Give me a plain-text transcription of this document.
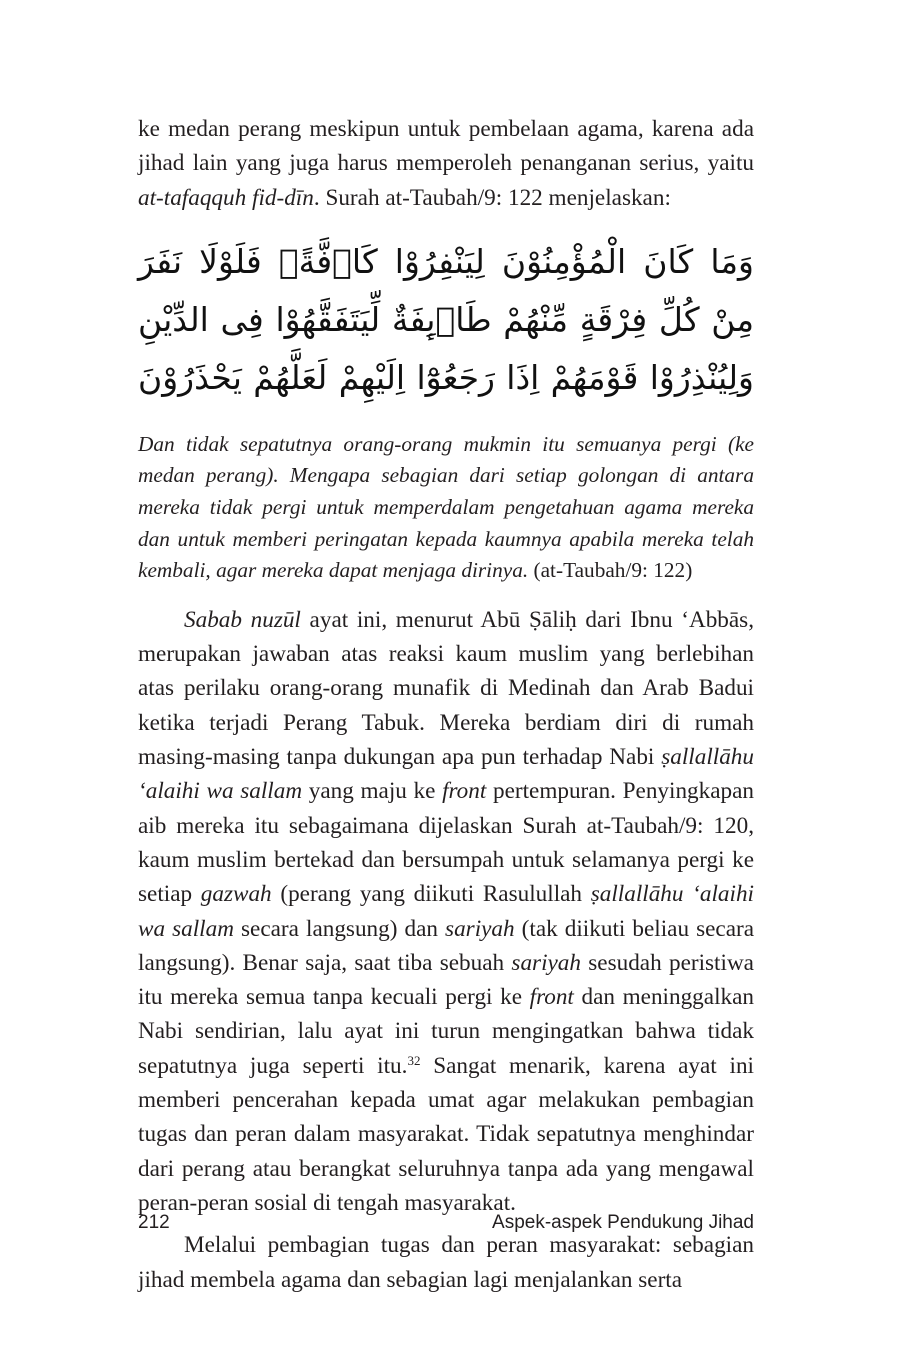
ke medan perang meskipun untuk pembelaan agama, karena ada jihad lain yang juga harus memperoleh penanganan serius, yaitu at-tafaqquh fid-dīn. Surah at-Taubah/9: 122 menjelaskan:

وَمَا كَانَ الْمُؤْمِنُوْنَ لِيَنْفِرُوْا كَاۤفَّةًۗ فَلَوْلَا نَفَرَ مِنْ كُلِّ فِرْقَةٍ مِّنْهُمْ طَاۤىِٕفَةٌ لِّيَتَفَقَّهُوْا فِى الدِّيْنِ وَلِيُنْذِرُوْا قَوْمَهُمْ اِذَا رَجَعُوْٓا اِلَيْهِمْ لَعَلَّهُمْ يَحْذَرُوْنَ

Dan tidak sepatutnya orang-orang mukmin itu semuanya pergi (ke medan perang). Mengapa sebagian dari setiap golongan di antara mereka tidak pergi untuk memperdalam pengetahuan agama mereka dan untuk memberi peringatan kepada kaumnya apabila mereka telah kembali, agar mereka dapat menjaga dirinya. (at-Taubah/9: 122)

Sabab nuzūl ayat ini, menurut Abū Ṣāliḥ dari Ibnu ‘Abbās, merupakan jawaban atas reaksi kaum muslim yang berlebihan atas perilaku orang-orang munafik di Medinah dan Arab Badui ketika terjadi Perang Tabuk. Mereka berdiam diri di rumah masing-masing tanpa dukungan apa pun terhadap Nabi ṣallallāhu ‘alaihi wa sallam yang maju ke front pertempuran. Penyingkapan aib mereka itu sebagaimana dijelaskan Surah at-Taubah/9: 120, kaum muslim bertekad dan bersumpah untuk selamanya pergi ke setiap gazwah (perang yang diikuti Rasulullah ṣallallāhu ‘alaihi wa sallam secara langsung) dan sariyah (tak diikuti beliau secara langsung). Benar saja, saat tiba sebuah sariyah sesudah peristiwa itu mereka semua tanpa kecuali pergi ke front dan meninggalkan Nabi sendirian, lalu ayat ini turun mengingatkan bahwa tidak sepatutnya juga seperti itu.$^{32}$ Sangat menarik, karena ayat ini memberi pencerahan kepada umat agar melakukan pembagian tugas dan peran dalam masyarakat. Tidak sepatutnya menghindar dari perang atau berangkat seluruhnya tanpa ada yang mengawal peran-peran sosial di tengah masyarakat.

Melalui pembagian tugas dan peran masyarakat: sebagian jihad membela agama dan sebagian lagi menjalankan serta

212	Aspek-aspek Pendukung Jihad
